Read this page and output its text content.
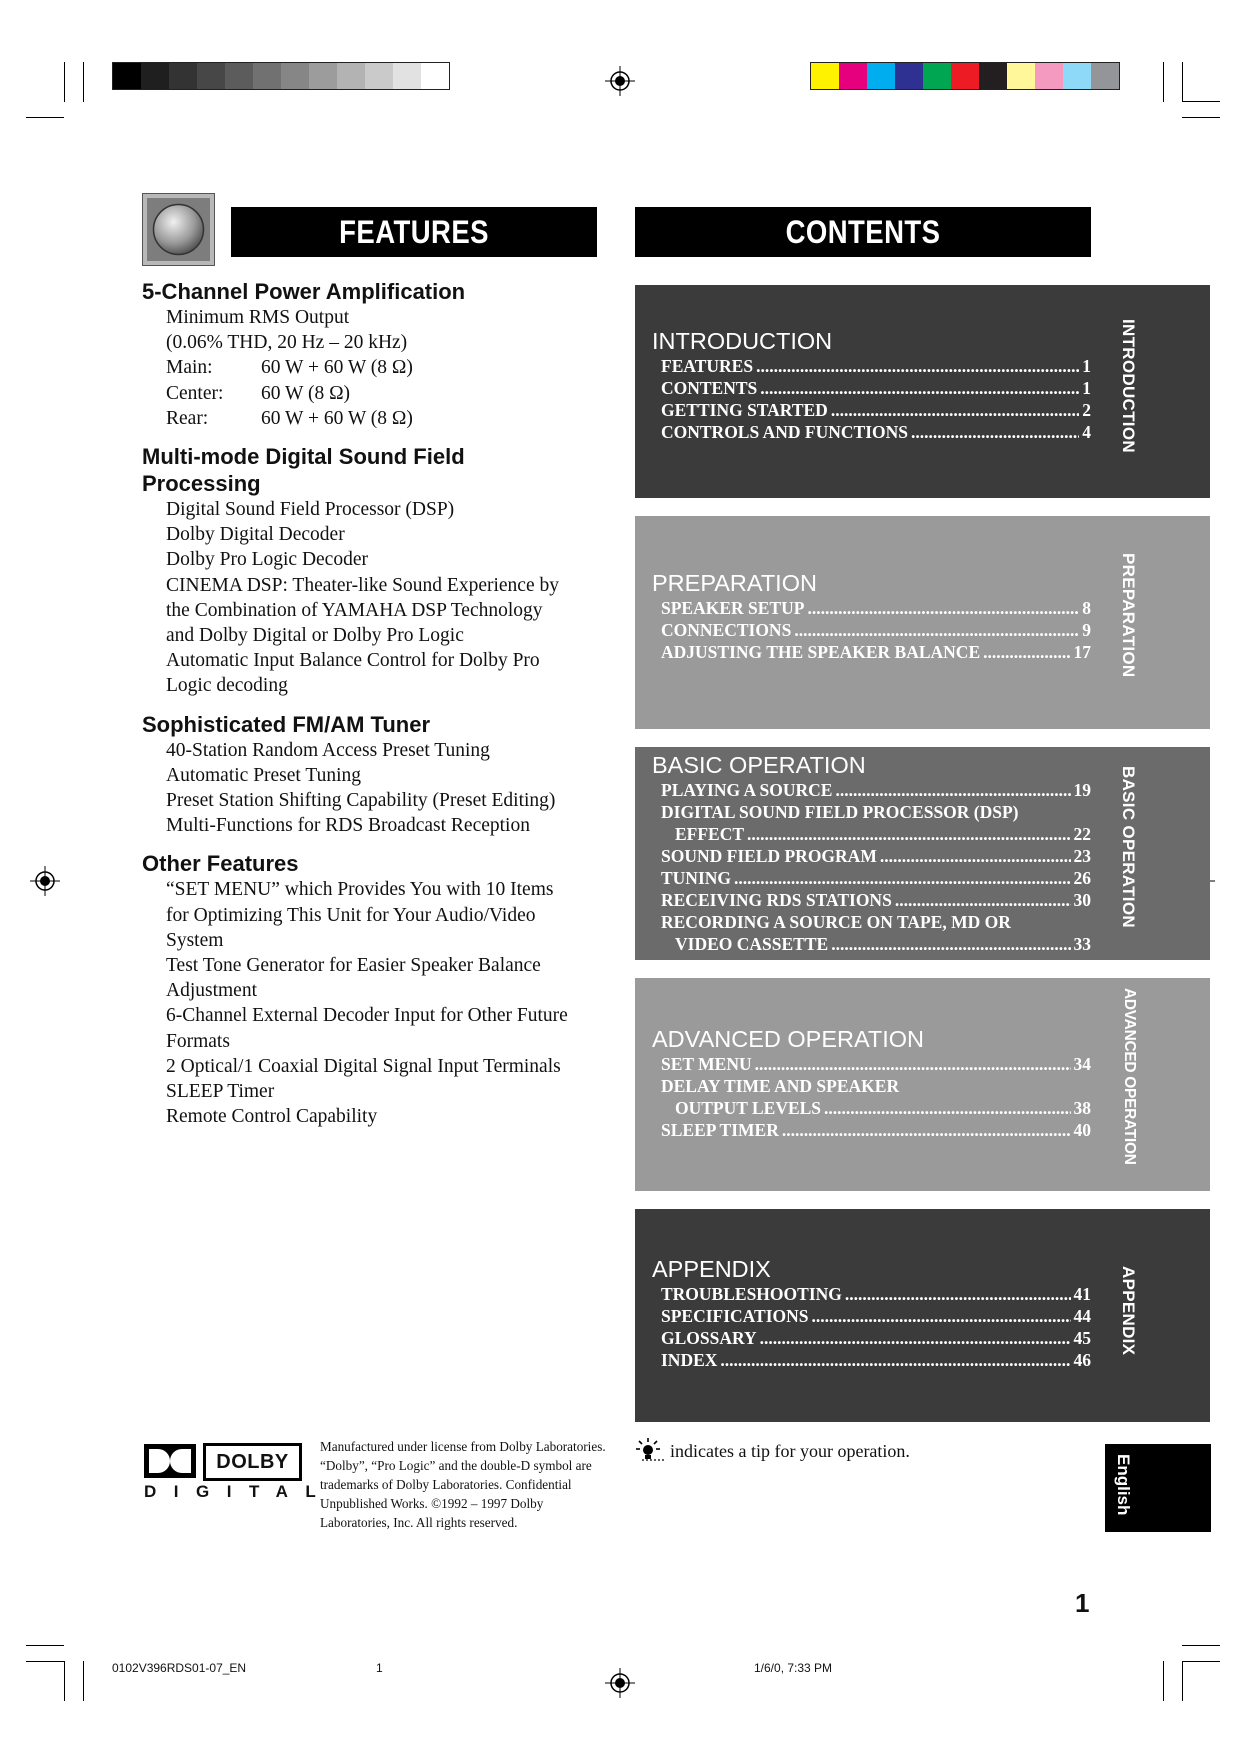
FEATURES	CONTENTS
5-Channel Power Amplification
Minimum RMS Output
(0.06% THD, 20 Hz – 20 kHz)
Main:	60 W + 60 W (8 Ω)
Center:	60 W (8 Ω)
Rear:	60 W + 60 W (8 Ω)
Multi-mode Digital Sound Field Processing
Digital Sound Field Processor (DSP)
Dolby Digital Decoder
Dolby Pro Logic Decoder
CINEMA DSP: Theater-like Sound Experience by
the Combination of YAMAHA DSP Technology
and Dolby Digital or Dolby Pro Logic
Automatic Input Balance Control for Dolby Pro
Logic decoding
Sophisticated FM/AM Tuner
40-Station Random Access Preset Tuning
Automatic Preset Tuning
Preset Station Shifting Capability (Preset Editing)
Multi-Functions for RDS Broadcast Reception
Other Features
“SET MENU” which Provides You with 10 Items
for Optimizing This Unit for Your Audio/Video
System
Test Tone Generator for Easier Speaker Balance
Adjustment
6-Channel External Decoder Input for Other Future
Formats
2 Optical/1 Coaxial Digital Signal Input Terminals
SLEEP Timer
Remote Control Capability
INTRODUCTION
FEATURES .....	1
CONTENTS .....	1
GETTING STARTED .....	2
CONTROLS AND FUNCTIONS .....	4	INTRODUCTION
PREPARATION
SPEAKER SETUP .....	8
CONNECTIONS .....	9
ADJUSTING THE SPEAKER BALANCE .....	17	PREPARATION
BASIC OPERATION
PLAYING A SOURCE .....	19
DIGITAL SOUND FIELD PROCESSOR (DSP)
EFFECT .....	22
SOUND FIELD PROGRAM .....	23
TUNING .....	26
RECEIVING RDS STATIONS .....	30
RECORDING A SOURCE ON TAPE, MD OR
VIDEO CASSETTE .....	33
BASIC OPERATION
ADVANCED OPERATION
SET MENU .....	34
DELAY TIME AND SPEAKER
OUTPUT LEVELS .....	38
SLEEP TIMER .....	40	ADVANCED OPERATION
APPENDIX
TROUBLESHOOTING .....	41
SPECIFICATIONS .....	44
GLOSSARY .....	45
INDEX .....	46
APPENDIX
DOLBY
DIGITAL
Manufactured under license from Dolby Laboratories. “Dolby”, “Pro Logic” and the double-D symbol are trademarks of Dolby Laboratories. Confidential Unpublished Works. ©1992 – 1997 Dolby Laboratories, Inc. All rights reserved.
indicates a tip for your operation.
English
1
0102V396RDS01-07_EN	1	1/6/0, 7:33 PM
